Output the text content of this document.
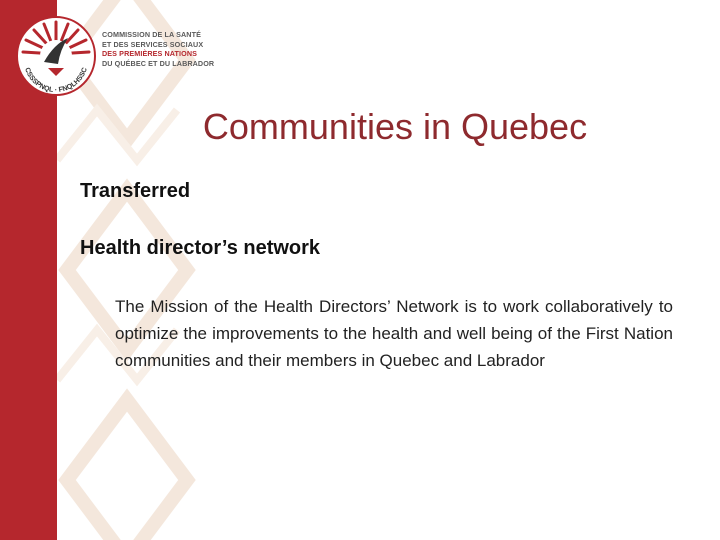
CSSSPNQL · FNQLHSSC
COMMISSION DE LA SANTÉ
ET DES SERVICES SOCIAUX
DES PREMIÈRES NATIONS
DU QUÉBEC ET DU LABRADOR
Communities in Quebec
Transferred
Health director’s network

The Mission of the Health Directors’ Network is to work collaboratively to optimize the improvements to the health and well being of the First Nation communities and their members in Quebec and Labrador
